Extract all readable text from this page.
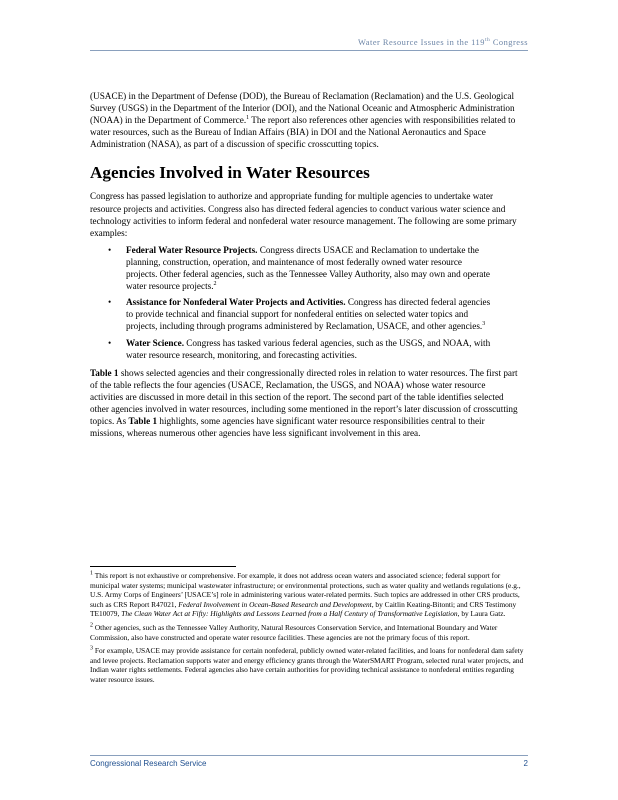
Water Resource Issues in the 119th Congress

(USACE) in the Department of Defense (DOD), the Bureau of Reclamation (Reclamation) and the U.S. Geological Survey (USGS) in the Department of the Interior (DOI), and the National Oceanic and Atmospheric Administration (NOAA) in the Department of Commerce.$^1$ The report also references other agencies with responsibilities related to water resources, such as the Bureau of Indian Affairs (BIA) in DOI and the National Aeronautics and Space Administration (NASA), as part of a discussion of specific crosscutting topics.

Agencies Involved in Water Resources

Congress has passed legislation to authorize and appropriate funding for multiple agencies to undertake water resource projects and activities. Congress also has directed federal agencies to conduct various water science and technology activities to inform federal and nonfederal water resource management. The following are some primary examples:

• Federal Water Resource Projects. Congress directs USACE and Reclamation to undertake the planning, construction, operation, and maintenance of most federally owned water resource projects. Other federal agencies, such as the Tennessee Valley Authority, also may own and operate water resource projects.$^2$
• Assistance for Nonfederal Water Projects and Activities. Congress has directed federal agencies to provide technical and financial support for nonfederal entities on selected water topics and projects, including through programs administered by Reclamation, USACE, and other agencies.$^3$
• Water Science. Congress has tasked various federal agencies, such as the USGS, and NOAA, with water resource research, monitoring, and forecasting activities.

Table 1 shows selected agencies and their congressionally directed roles in relation to water resources. The first part of the table reflects the four agencies (USACE, Reclamation, the USGS, and NOAA) whose water resource activities are discussed in more detail in this section of the report. The second part of the table identifies selected other agencies involved in water resources, including some mentioned in the report’s later discussion of crosscutting topics. As Table 1 highlights, some agencies have significant water resource responsibilities central to their missions, whereas numerous other agencies have less significant involvement in this area.

$^1$ This report is not exhaustive or comprehensive. For example, it does not address ocean waters and associated science; federal support for municipal water systems; municipal wastewater infrastructure; or environmental protections, such as water quality and wetlands regulations (e.g., U.S. Army Corps of Engineers’ [USACE’s] role in administering various water-related permits. Such topics are addressed in other CRS products, such as CRS Report R47021, Federal Involvement in Ocean-Based Research and Development, by Caitlin Keating-Bitonti; and CRS Testimony TE10079, The Clean Water Act at Fifty: Highlights and Lessons Learned from a Half Century of Transformative Legislation, by Laura Gatz.

$^2$ Other agencies, such as the Tennessee Valley Authority, Natural Resources Conservation Service, and International Boundary and Water Commission, also have constructed and operate water resource facilities. These agencies are not the primary focus of this report.

$^3$ For example, USACE may provide assistance for certain nonfederal, publicly owned water-related facilities, and loans for nonfederal dam safety and levee projects. Reclamation supports water and energy efficiency grants through the WaterSMART Program, selected rural water projects, and Indian water rights settlements. Federal agencies also have certain authorities for providing technical assistance to nonfederal entities regarding water resource issues.

Congressional Research Service	2
